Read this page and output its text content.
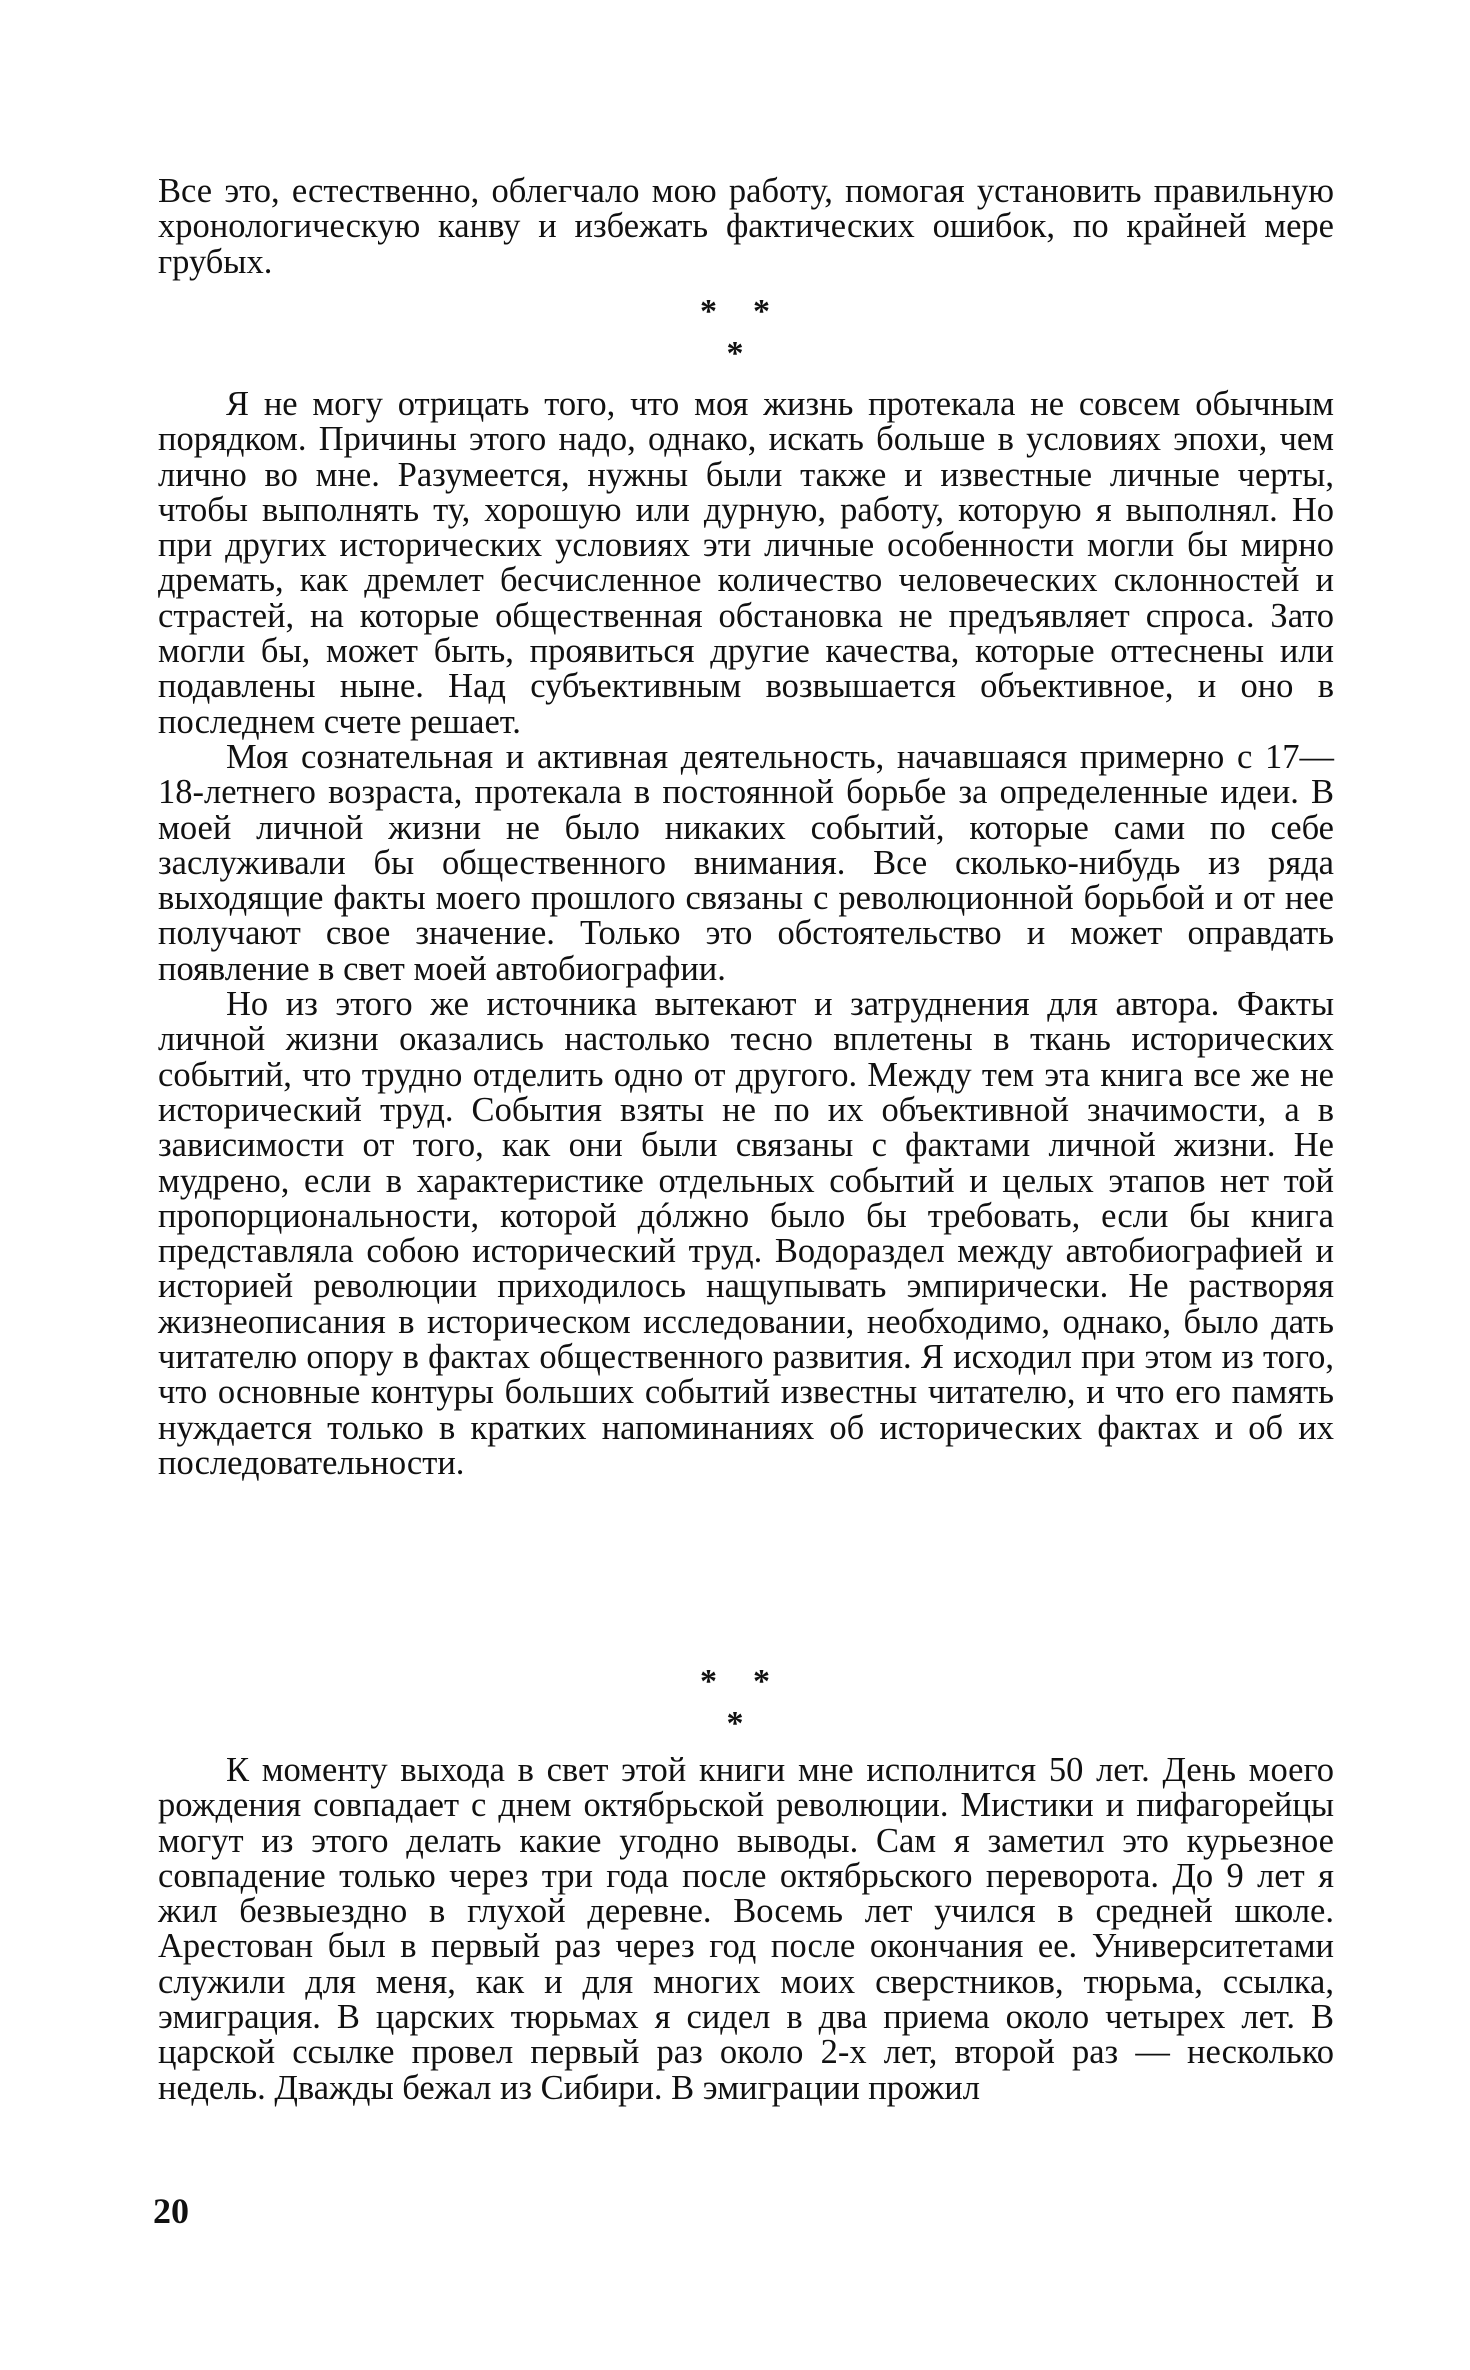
Все это, естественно, облегчало мою работу, помогая установить правильную хронологическую канву и избежать фактических ошибок, по крайней мере грубых.

**
*

Я не могу отрицать того, что моя жизнь протекала не совсем обычным порядком. Причины этого надо, однако, искать больше в условиях эпохи, чем лично во мне. Разумеется, нужны были также и известные личные черты, чтобы выполнять ту, хорошую или дурную, работу, которую я выполнял. Но при других исторических условиях эти личные особенности могли бы мирно дремать, как дремлет бесчисленное количество человеческих склонностей и страстей, на которые общественная обстановка не предъявляет спроса. Зато могли бы, может быть, проявиться другие качества, которые оттеснены или подавлены ныне. Над субъективным возвышается объективное, и оно в последнем счете решает.

Моя сознательная и активная деятельность, начавшаяся примерно с 17—18-летнего возраста, протекала в постоянной борьбе за определенные идеи. В моей личной жизни не было никаких событий, которые сами по себе заслуживали бы общественного внимания. Все сколько-нибудь из ряда выходящие факты моего прошлого связаны с революционной борьбой и от нее получают свое значение. Только это обстоятельство и может оправдать появление в свет моей автобиографии.

Но из этого же источника вытекают и затруднения для автора. Факты личной жизни оказались настолько тесно вплетены в ткань исторических событий, что трудно отделить одно от другого. Между тем эта книга все же не исторический труд. События взяты не по их объективной значимости, а в зависимости от того, как они были связаны с фактами личной жизни. Не мудрено, если в характеристике отдельных событий и целых этапов нет той пропорциональности, которой дóлжно было бы требовать, если бы книга представляла собою исторический труд. Водораздел между автобиографией и историей революции приходилось нащупывать эмпирически. Не растворяя жизнеописания в историческом исследовании, необходимо, однако, было дать читателю опору в фактах общественного развития. Я исходил при этом из того, что основные контуры больших событий известны читателю, и что его память нуждается только в кратких напоминаниях об исторических фактах и об их последовательности.

**
*

К моменту выхода в свет этой книги мне исполнится 50 лет. День моего рождения совпадает с днем октябрьской революции. Мистики и пифагорейцы могут из этого делать какие угодно выводы. Сам я заметил это курьезное совпадение только через три года после октябрьского переворота. До 9 лет я жил безвыездно в глухой деревне. Восемь лет учился в средней школе. Арестован был в первый раз через год после окончания ее. Университетами служили для меня, как и для многих моих сверстников, тюрьма, ссылка, эмиграция. В царских тюрьмах я сидел в два приема около четырех лет. В царской ссылке провел первый раз около 2-х лет, второй раз — несколько недель. Дважды бежал из Сибири. В эмиграции прожил

20
